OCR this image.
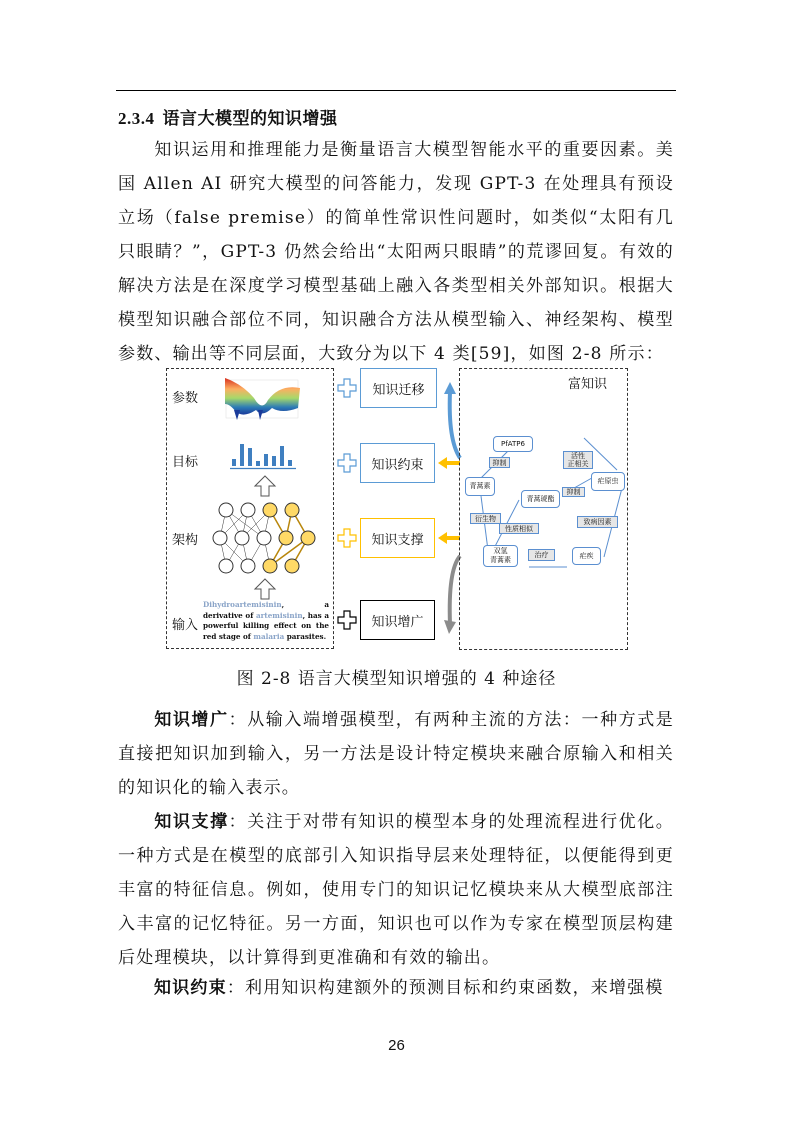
2.3.4 语言大模型的知识增强
知识运用和推理能力是衡量语言大模型智能水平的重要因素。美国 Allen AI 研究大模型的问答能力，发现 GPT-3 在处理具有预设立场（false premise）的简单性常识性问题时，如类似“太阳有几只眼睛？”，GPT-3 仍然会给出“太阳两只眼睛”的荒谬回复。有效的解决方法是在深度学习模型基础上融入各类型相关外部知识。根据大模型知识融合部位不同，知识融合方法从模型输入、神经架构、模型参数、输出等不同层面，大致分为以下 4 类[59]，如图 2-8 所示：
参数
目标
架构
输入
Dihydroartemisinin, a derivative of artemisinin, has a powerful killing effect on the red stage of malaria parasites.
知识迁移
知识约束
知识支撑
知识增广
富知识
PfATP6
青蒿素
疟原虫
青蒿琥酯
双氢
青蒿素
疟疾
抑制
活性
正相关
抑制
衍生物
性质相似
致病因素
治疗
图 2-8 语言大模型知识增强的 4 种途径
知识增广：从输入端增强模型，有两种主流的方法：一种方式是直接把知识加到输入，另一方法是设计特定模块来融合原输入和相关的知识化的输入表示。
知识支撑：关注于对带有知识的模型本身的处理流程进行优化。一种方式是在模型的底部引入知识指导层来处理特征，以便能得到更丰富的特征信息。例如，使用专门的知识记忆模块来从大模型底部注入丰富的记忆特征。另一方面，知识也可以作为专家在模型顶层构建后处理模块，以计算得到更准确和有效的输出。
知识约束：利用知识构建额外的预测目标和约束函数，来增强模
26
